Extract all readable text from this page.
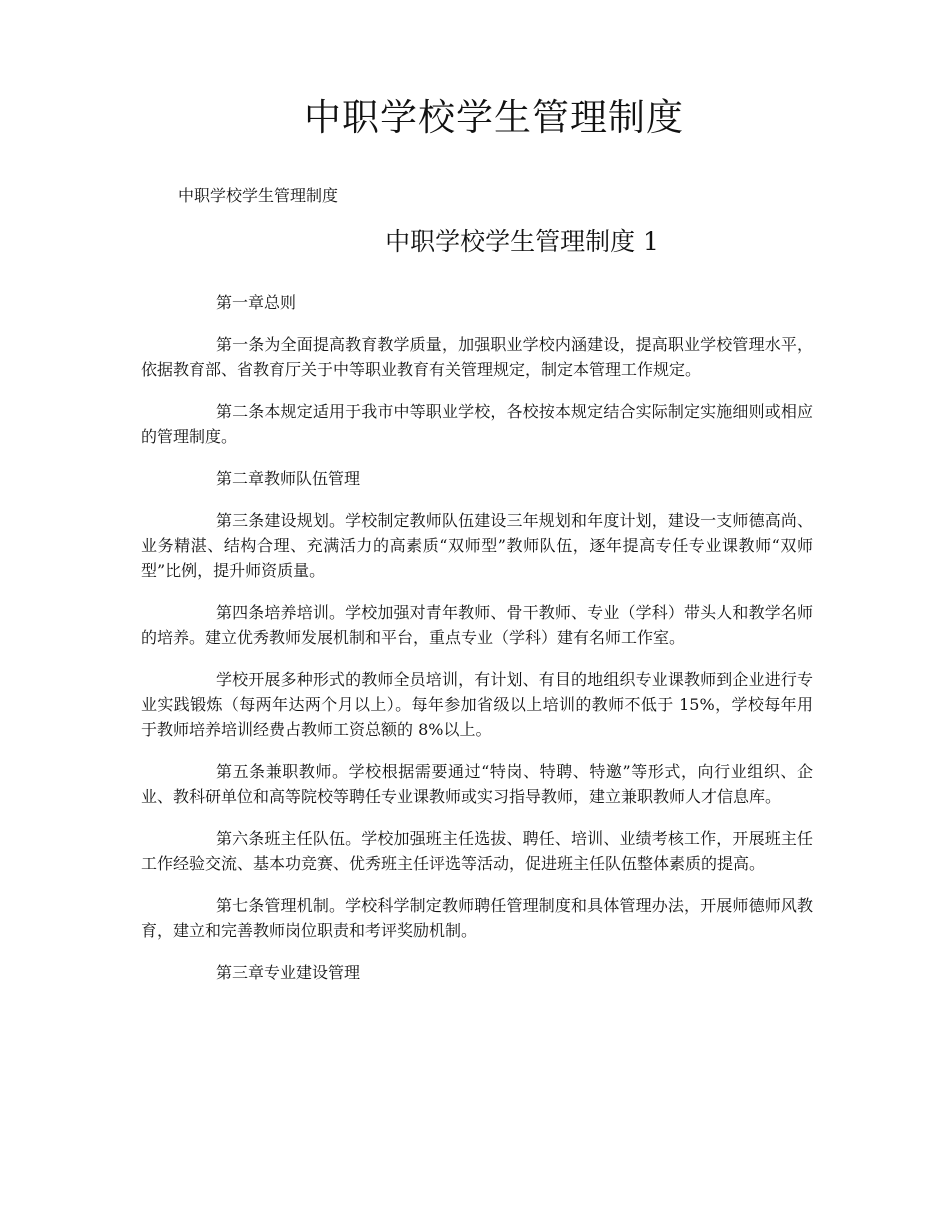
中职学校学生管理制度

中职学校学生管理制度

中职学校学生管理制度 1

第一章总则

第一条为全面提高教育教学质量，加强职业学校内涵建设，提高职业学校管理水平，依据教育部、省教育厅关于中等职业教育有关管理规定，制定本管理工作规定。

第二条本规定适用于我市中等职业学校，各校按本规定结合实际制定实施细则或相应的管理制度。

第二章教师队伍管理

第三条建设规划。学校制定教师队伍建设三年规划和年度计划，建设一支师德高尚、业务精湛、结构合理、充满活力的高素质“双师型”教师队伍，逐年提高专任专业课教师“双师型”比例，提升师资质量。

第四条培养培训。学校加强对青年教师、骨干教师、专业（学科）带头人和教学名师的培养。建立优秀教师发展机制和平台，重点专业（学科）建有名师工作室。

学校开展多种形式的教师全员培训，有计划、有目的地组织专业课教师到企业进行专业实践锻炼（每两年达两个月以上）。每年参加省级以上培训的教师不低于 15%，学校每年用于教师培养培训经费占教师工资总额的 8%以上。

第五条兼职教师。学校根据需要通过“特岗、特聘、特邀”等形式，向行业组织、企业、教科研单位和高等院校等聘任专业课教师或实习指导教师，建立兼职教师人才信息库。

第六条班主任队伍。学校加强班主任选拔、聘任、培训、业绩考核工作，开展班主任工作经验交流、基本功竞赛、优秀班主任评选等活动，促进班主任队伍整体素质的提高。

第七条管理机制。学校科学制定教师聘任管理制度和具体管理办法，开展师德师风教育，建立和完善教师岗位职责和考评奖励机制。

第三章专业建设管理
